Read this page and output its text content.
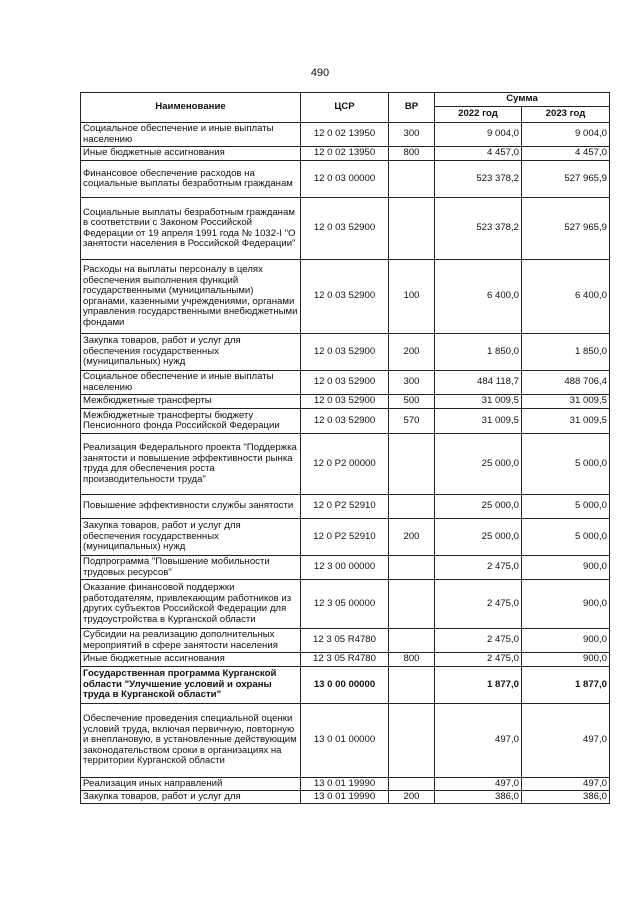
490
Наименование	ЦСР	ВР	Сумма	
			2022 год	2023 год
Социальное обеспечение и иные выплаты населению	12 0 02 13950	300	9 004,0	9 004,0
Иные бюджетные ассигнования	12 0 02 13950	800	4 457,0	4 457,0
Финансовое обеспечение расходов на социальные выплаты безработным гражданам	12 0 03 00000		523 378,2	527 965,9
Социальные выплаты безработным гражданам в соответствии с Законом Российской Федерации от 19 апреля 1991 года № 1032-I "О занятости населения в Российской Федерации"	12 0 03 52900		523 378,2	527 965,9
Расходы на выплаты персоналу в целях обеспечения выполнения функций государственными (муниципальными) органами, казенными учреждениями, органами управления государственными внебюджетными фондами	12 0 03 52900	100	6 400,0	6 400,0
Закупка товаров, работ и услуг для обеспечения государственных (муниципальных) нужд	12 0 03 52900	200	1 850,0	1 850,0
Социальное обеспечение и иные выплаты населению	12 0 03 52900	300	484 118,7	488 706,4
Межбюджетные трансферты	12 0 03 52900	500	31 009,5	31 009,5
Межбюджетные трансферты бюджету Пенсионного фонда Российской Федерации	12 0 03 52900	570	31 009,5	31 009,5
Реализация Федерального проекта "Поддержка занятости и повышение эффективности рынка труда для обеспечения роста производительности труда"	12 0 P2 00000		25 000,0	5 000,0
Повышение эффективности службы занятости	12 0 P2 52910		25 000,0	5 000,0
Закупка товаров, работ и услуг для обеспечения государственных (муниципальных) нужд	12 0 P2 52910	200	25 000,0	5 000,0
Подпрограмма "Повышение мобильности трудовых ресурсов"	12 3 00 00000		2 475,0	900,0
Оказание финансовой поддержки работодателям, привлекающим работников из других субъектов Российской Федерации для трудоустройства в Курганской области	12 3 05 00000		2 475,0	900,0
Субсидии на реализацию дополнительных мероприятий в сфере занятости населения	12 3 05 R4780		2 475,0	900,0
Иные бюджетные ассигнования	12 3 05 R4780	800	2 475,0	900,0
Государственная программа Курганской области "Улучшение условий и охраны труда в Курганской области"	13 0 00 00000		1 877,0	1 877,0
Обеспечение проведения специальной оценки условий труда, включая первичную, повторную и внеплановую, в установленные действующим законодательством сроки в организациях на территории Курганской области	13 0 01 00000		497,0	497,0
Реализация иных направлений	13 0 01 19990		497,0	497,0
Закупка товаров, работ и услуг для	13 0 01 19990	200	386,0	386,0
